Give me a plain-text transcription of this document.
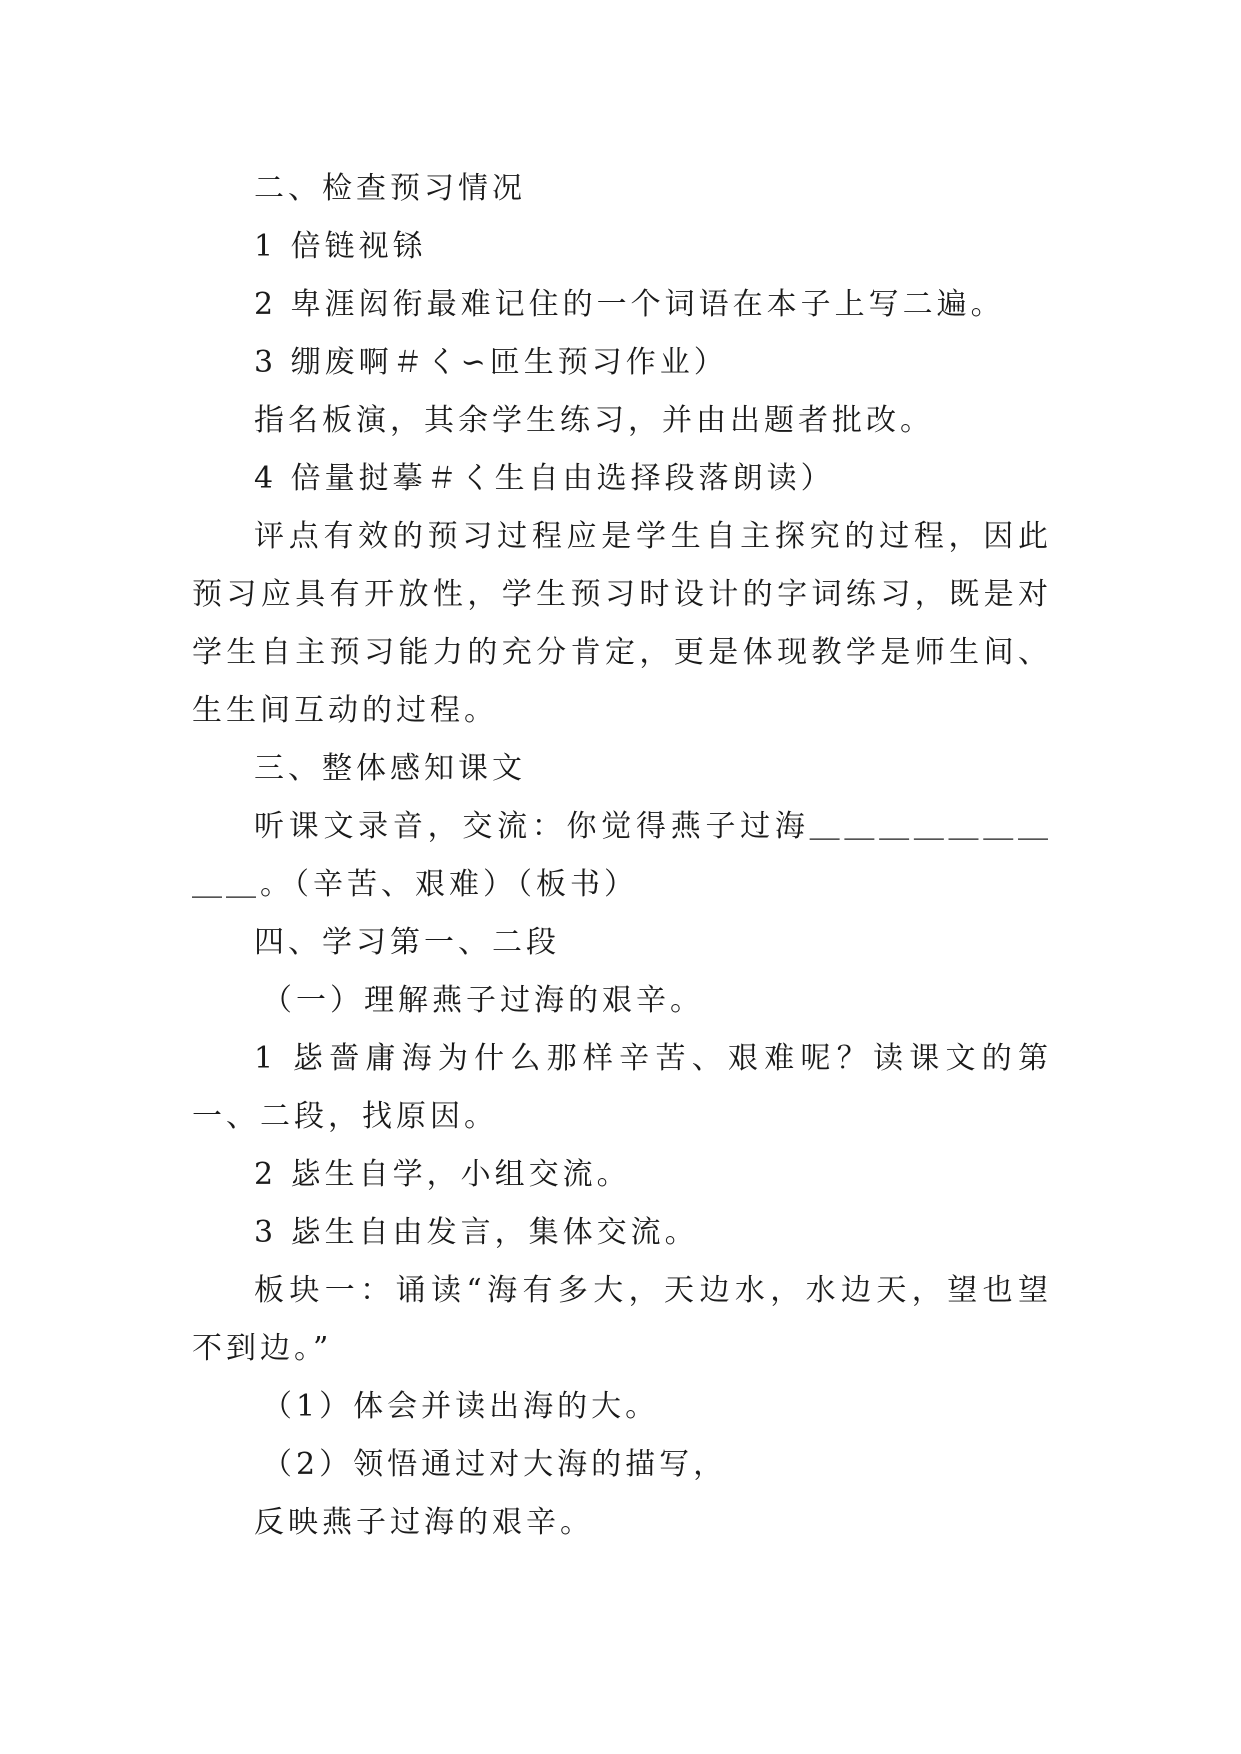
二、检查预习情况
1 倍链视铩
2 卑涯闳衔最难记住的一个词语在本子上写二遍。
3 绷废啊＃く∽匝生预习作业）
指名板演，其余学生练习，并由出题者批改。
4 倍量挝摹＃く生自由选择段落朗读）
评点有效的预习过程应是学生自主探究的过程，因此预习应具有开放性，学生预习时设计的字词练习，既是对学生自主预习能力的充分肯定，更是体现教学是师生间、生生间互动的过程。
三、整体感知课文
听课文录音，交流：你觉得燕子过海＿＿＿＿＿＿＿＿＿。（辛苦、艰难）（板书）
四、学习第一、二段
（一）理解燕子过海的艰辛。
1 毖嗇庸海为什么那样辛苦、艰难呢？读课文的第一、二段，找原因。
2 毖生自学，小组交流。
3 毖生自由发言，集体交流。
板块一：诵读“海有多大，天边水，水边天，望也望不到边。”
（1）体会并读出海的大。
（2）领悟通过对大海的描写，
反映燕子过海的艰辛。
